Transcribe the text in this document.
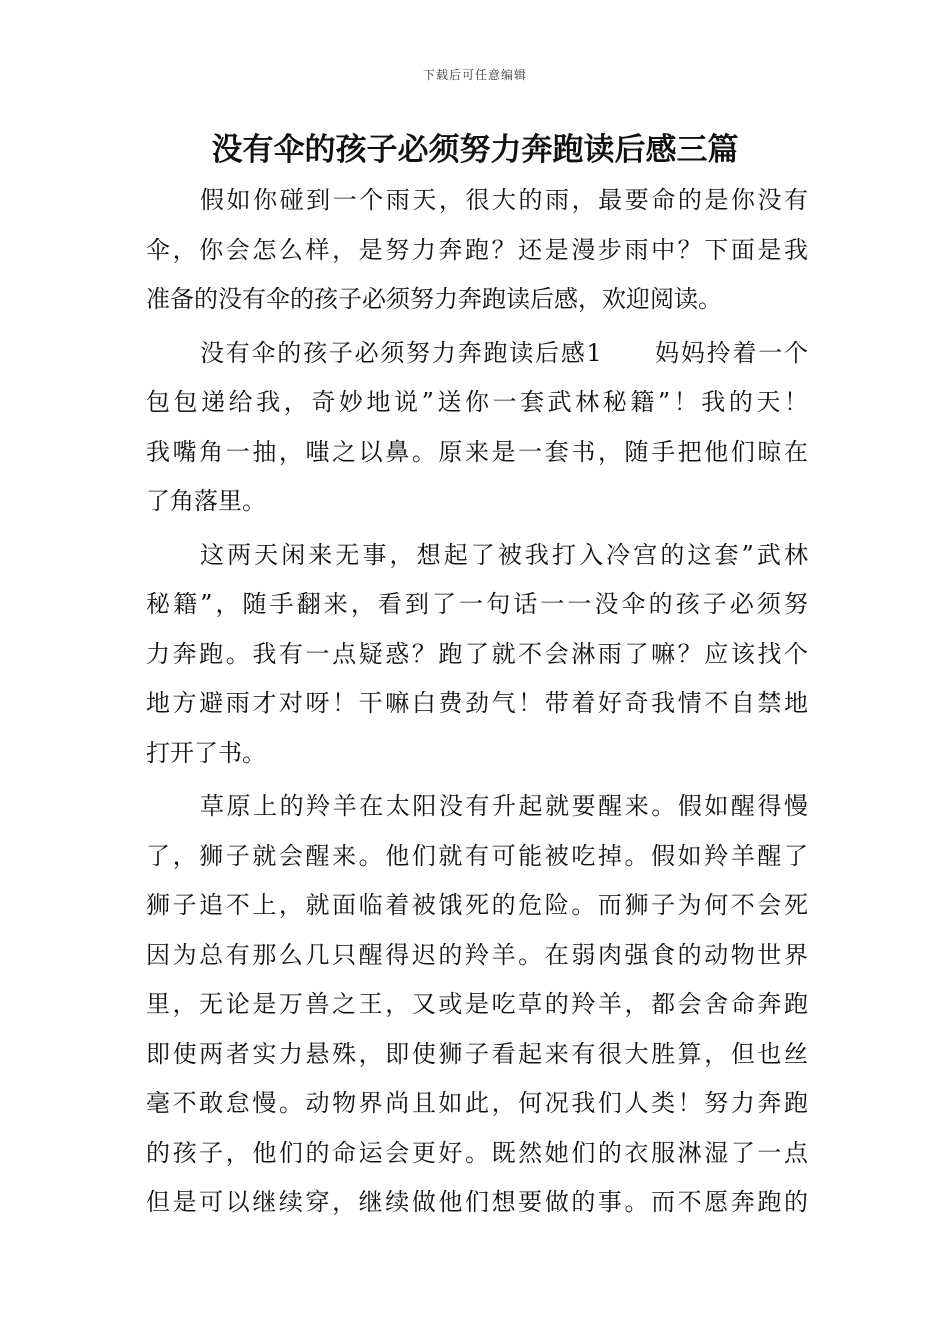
下载后可任意编辑
没有伞的孩子必须努力奔跑读后感三篇
假如你碰到一个雨天，很大的雨，最要命的是你没有
伞，你会怎么样，是努力奔跑？还是漫步雨中？下面是我
准备的没有伞的孩子必须努力奔跑读后感，欢迎阅读。
没有伞的孩子必须努力奔跑读后感1　　妈妈拎着一个
包包递给我，奇妙地说”送你一套武林秘籍”！我的天！
我嘴角一抽，嗤之以鼻。原来是一套书，随手把他们晾在
了角落里。
这两天闲来无事，想起了被我打入冷宫的这套”武林
秘籍”，随手翻来，看到了一句话一一没伞的孩子必须努
力奔跑。我有一点疑惑？跑了就不会淋雨了嘛？应该找个
地方避雨才对呀！干嘛白费劲气！带着好奇我情不自禁地
打开了书。
草原上的羚羊在太阳没有升起就要醒来。假如醒得慢
了，狮子就会醒来。他们就有可能被吃掉。假如羚羊醒了
狮子追不上，就面临着被饿死的危险。而狮子为何不会死
因为总有那么几只醒得迟的羚羊。在弱肉强食的动物世界
里，无论是万兽之王，又或是吃草的羚羊，都会舍命奔跑
即使两者实力悬殊，即使狮子看起来有很大胜算，但也丝
毫不敢怠慢。动物界尚且如此，何况我们人类！努力奔跑
的孩子，他们的命运会更好。既然她们的衣服淋湿了一点
但是可以继续穿，继续做他们想要做的事。而不愿奔跑的
